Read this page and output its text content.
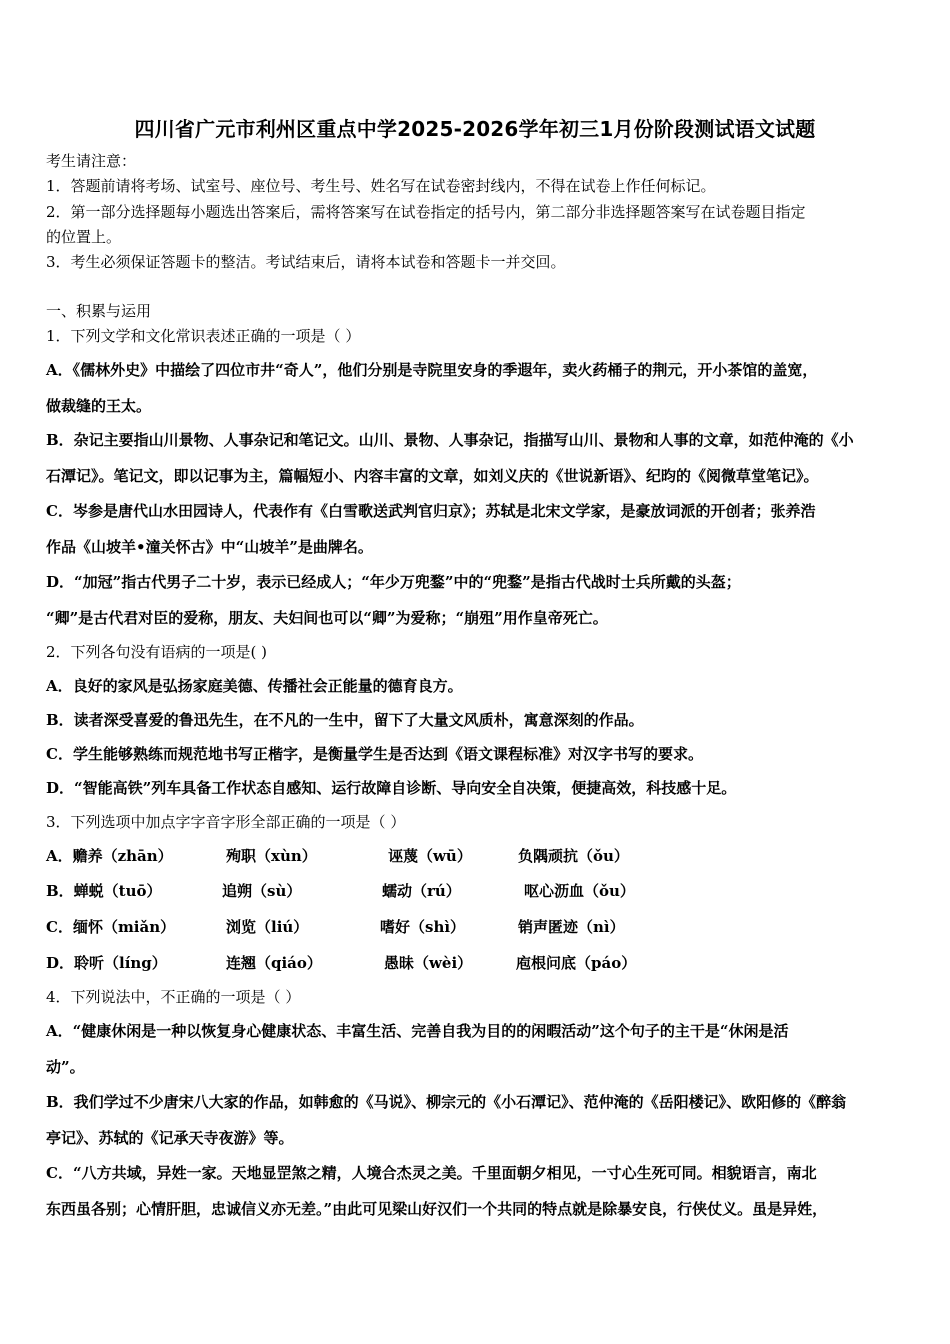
四川省广元市利州区重点中学2025-2026学年初三1月份阶段测试语文试题
考生请注意：
1．答题前请将考场、试室号、座位号、考生号、姓名写在试卷密封线内，不得在试卷上作任何标记。
2．第一部分选择题每小题选出答案后，需将答案写在试卷指定的括号内，第二部分非选择题答案写在试卷题目指定
的位置上。
3．考生必须保证答题卡的整洁。考试结束后，请将本试卷和答题卡一并交回。
一、积累与运用
1．下列文学和文化常识表述正确的一项是（ ）
A．《儒林外史》中描绘了四位市井“奇人”，他们分别是寺院里安身的季遐年，卖火药桶子的荆元，开小茶馆的盖宽，
做裁缝的王太。
B．杂记主要指山川景物、人事杂记和笔记文。山川、景物、人事杂记，指描写山川、景物和人事的文章，如范仲淹的《小
石潭记》。笔记文，即以记事为主，篇幅短小、内容丰富的文章，如刘义庆的《世说新语》、纪昀的《阅微草堂笔记》。
C．岑参是唐代山水田园诗人，代表作有《白雪歌送武判官归京》；苏轼是北宋文学家，是豪放词派的开创者；张养浩
作品《山坡羊•潼关怀古》中“山坡羊”是曲牌名。
D．“加冠”指古代男子二十岁，表示已经成人；“年少万兜鍪”中的“兜鍪”是指古代战时士兵所戴的头盔；
“卿”是古代君对臣的爱称，朋友、夫妇间也可以“卿”为爱称；“崩殂”用作皇帝死亡。
2．下列各句没有语病的一项是( )
A．良好的家风是弘扬家庭美德、传播社会正能量的德育良方。
B．读者深受喜爱的鲁迅先生，在不凡的一生中，留下了大量文风质朴，寓意深刻的作品。
C．学生能够熟练而规范地书写正楷字，是衡量学生是否达到《语文课程标准》对汉字书写的要求。
D．“智能高铁”列车具备工作状态自感知、运行故障自诊断、导向安全自决策，便捷高效，科技感十足。
3．下列选项中加点字字音字形全部正确的一项是（ ）
A．赡养（zhān）	殉职（xùn）	诬蔑（wū）	负隅顽抗（ǒu）
B．蝉蜕（tuō）	追朔（sù）	蠕动（rú）	呕心沥血（ǒu）
C．缅怀（miǎn）	浏览（liú）	嗜好（shì）	销声匿迹（nì）
D．聆听（líng）	连翘（qiáo）	愚昧（wèi）	庖根问底（páo）
4．下列说法中，不正确的一项是（ ）
A．“健康休闲是一种以恢复身心健康状态、丰富生活、完善自我为目的的闲暇活动”这个句子的主干是“休闲是活
动”。
B．我们学过不少唐宋八大家的作品，如韩愈的《马说》、柳宗元的《小石潭记》、范仲淹的《岳阳楼记》、欧阳修的《醉翁
亭记》、苏轼的《记承天寺夜游》等。
C．“八方共域，异姓一家。天地显罡煞之精，人境合杰灵之美。千里面朝夕相见，一寸心生死可同。相貌语言，南北
东西虽各别；心情肝胆，忠诚信义亦无差。”由此可见梁山好汉们一个共同的特点就是除暴安良，行侠仗义。虽是异姓，
